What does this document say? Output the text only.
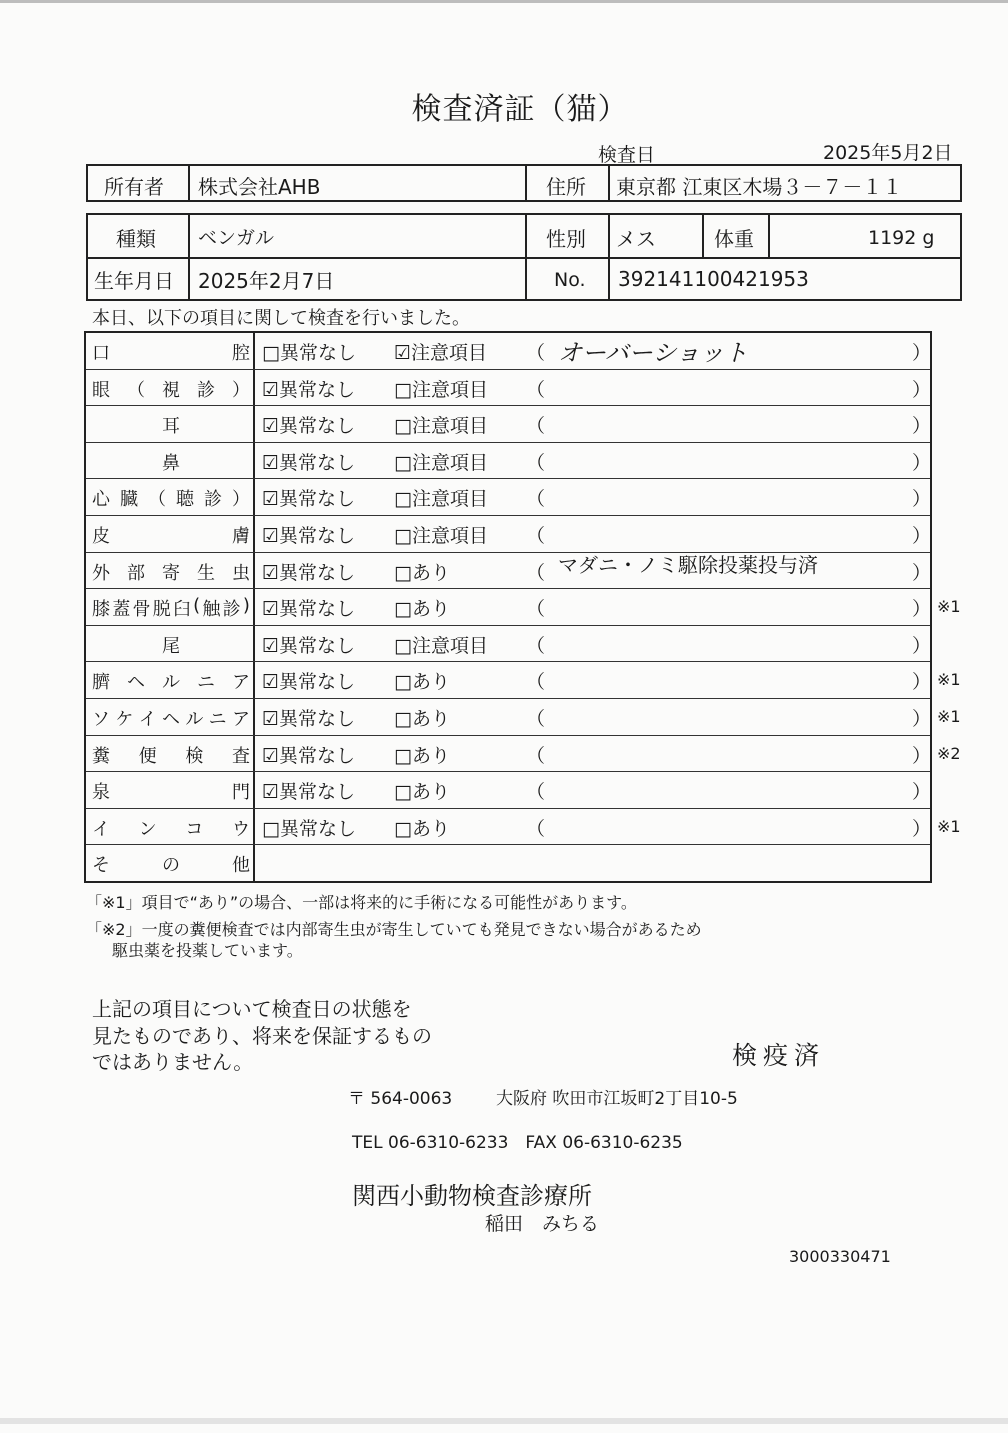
検査済証（猫）
検査日	2025年5月2日
所有者 株式会社AHB	住所 東京都 江東区木場３－７－１１
種類 ベンガル	性別 メス	体重	1192 g
生年月日 2025年2月7日	No. 392141100421953
本日、以下の項目に関して検査を行いました。
口	腔 □異常なし ☑注意項目 （ オーバーショット	）
眼 （ 視 診 ） ☑異常なし □注意項目 （	）
耳	☑異常なし □注意項目 （	）
鼻	☑異常なし □注意項目 （	）
心 臓 （ 聴 診 ） ☑異常なし □注意項目 （	）
皮	膚 ☑異常なし □注意項目 （	）
外 部 寄 生 虫 ☑異常なし □あり	（ マダニ・ノミ駆除投薬投与済	）
膝 蓋 骨 脱 臼 ( 触 診 ) ☑異常なし □あり	（	） ※1
尾	☑異常なし □注意項目 （	）
臍 ヘ ル ニ ア ☑異常なし □あり	（	） ※1
ソ ケ イ ヘ ル ニ ア ☑異常なし □あり	（	） ※1
糞 便 検 査 ☑異常なし □あり	（	） ※2
泉	門 ☑異常なし □あり	（	）
イ ン コ ウ □異常なし □あり	（	） ※1
そ	の	他
「※1」項目で“あり”の場合、一部は将来的に手術になる可能性があります。
「※2」一度の糞便検査では内部寄生虫が寄生していても発見できない場合があるため
駆虫薬を投薬しています。
上記の項目について検査日の状態を
見たものであり、将来を保証するもの
ではありません。	検疫済
〒 564-0063	大阪府 吹田市江坂町2丁目10-5
TEL 06-6310-6233　FAX 06-6310-6235
関西小動物検査診療所
稲田　みちる
3000330471
